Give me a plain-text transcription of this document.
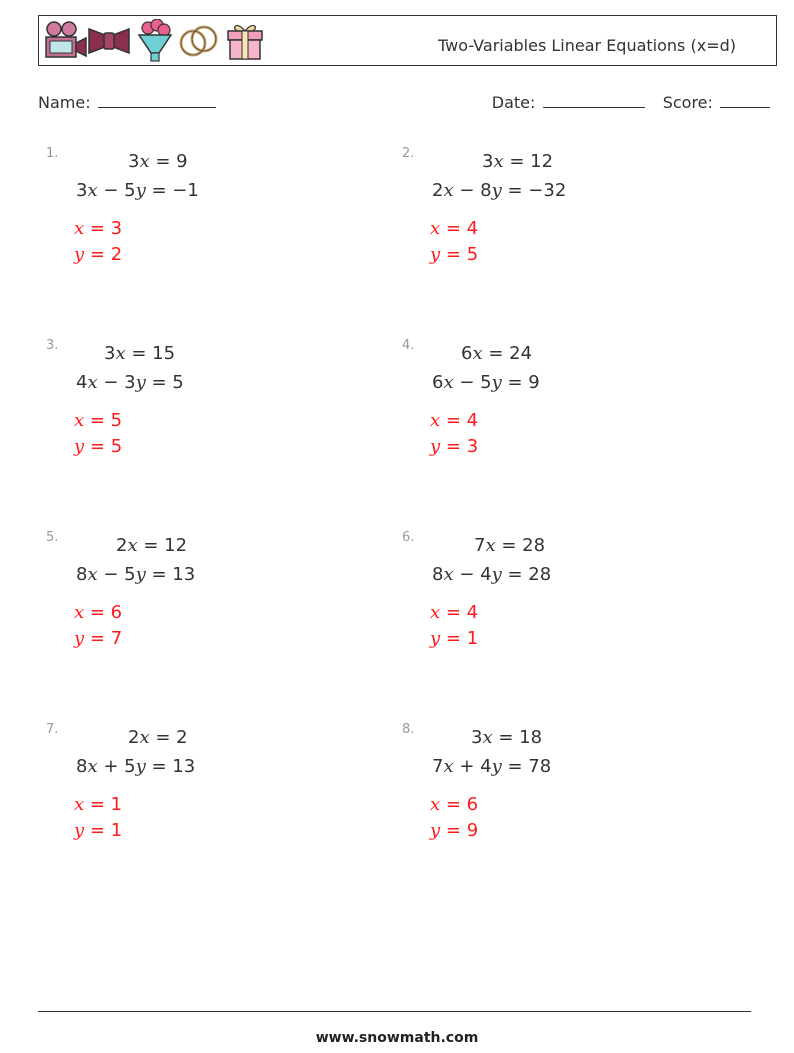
Two-Variables Linear Equations (x=d)
Name:	Date:	Score:
1.	3x = 9
3x − 5y = −1
x = 3
y = 2
2.	3x = 12
2x − 8y = −32
x = 4
y = 5
3.	3x = 15
4x − 3y = 5
x = 5
y = 5
4.	6x = 24
6x − 5y = 9
x = 4
y = 3
5.	2x = 12
8x − 5y = 13
x = 6
y = 7
6.	7x = 28
8x − 4y = 28
x = 4
y = 1
7.	2x = 2
8x + 5y = 13
x = 1
y = 1
8.	3x = 18
7x + 4y = 78
x = 6
y = 9
www.snowmath.com
